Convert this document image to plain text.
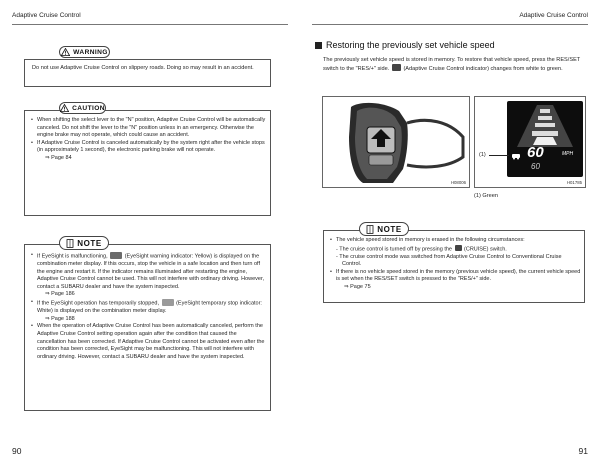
Adaptive Cruise Control	Adaptive Cruise Control

Do not use Adaptive Cruise Control on slippery roads. Doing so may result in an accident.

WARNING
• When shifting the select lever to the "N" position, Adaptive Cruise Control will be automatically canceled. Do not shift the lever to the "N" position unless in an emergency. Otherwise the engine brake may not operate, which could cause an accident.
• If Adaptive Cruise Control is canceled automatically by the system right after the vehicle stops (in approximately 1 second), the electronic parking brake will not operate.
⇒ Page 84
CAUTION
• If EyeSight is malfunctioning,	(EyeSight warning indicator: Yellow) is displayed on the combination meter display. If this occurs, stop the vehicle in a safe location and then turn off the engine and restart it. If the indicator remains illuminated after restarting the engine, Adaptive Cruise Control cannot be used. This will not interfere with ordinary driving. However, contact a SUBARU dealer and have the system inspected.
⇒ Page 186
• If the EyeSight operation has temporarily stopped,	(EyeSight temporary stop indicator: White) is displayed on the combination meter display.
⇒ Page 188
• When the operation of Adaptive Cruise Control has been automatically canceled, perform the Adaptive Cruise Control setting operation again after the condition that caused the cancellation has been corrected. If Adaptive Cruise Control cannot be activated even after the condition has been corrected, EyeSight may be malfunctioning. This will not interfere with ordinary driving. However, contact a SUBARU dealer and have the system inspected.
NOTE
Restoring the previously set vehicle speed
The previously set vehicle speed is stored in memory. To restore that vehicle speed, press the RES/SET switch to the "RES/+" side.	(Adaptive Cruise Control indicator) changes from white to green.
H08006
60	MPH
60
(1)
H01785
(1) Green
• The vehicle speed stored in memory is erased in the following circumstances:
- The cruise control is turned off by pressing the (CRUISE) switch.
- The cruise control mode was switched from Adaptive Cruise Control to Conventional Cruise Control.
• If there is no vehicle speed stored in the memory (previous vehicle speed), the current vehicle speed is set when the RES/SET switch is pressed to the "RES/+" side.
⇒ Page 75
NOTE
90	91
